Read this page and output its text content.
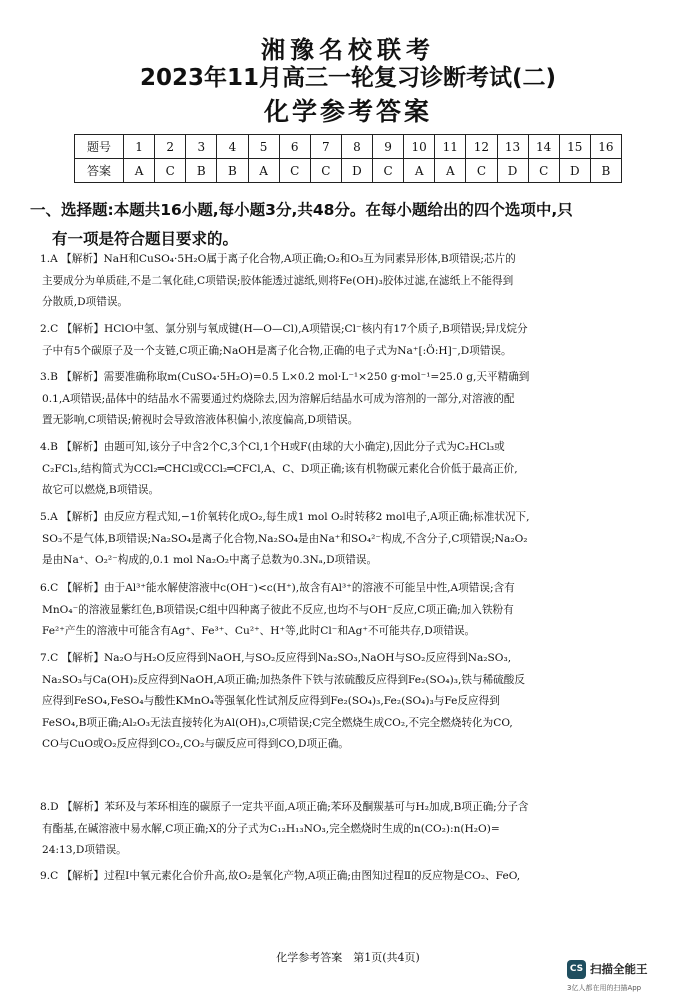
湘豫名校联考
2023年11月高三一轮复习诊断考试(二)
化学参考答案
题号	1	2	3	4	5	6	7	8	9	10	11	12	13	14	15	16
答案	A	C	B	B	A	C	C	D	C	A	A	C	D	C	D	B
一、选择题:本题共16小题,每小题3分,共48分。在每小题给出的四个选项中,只
有一项是符合题目要求的。
1.A 【解析】NaH和CuSO₄·5H₂O属于离子化合物,A项正确;O₂和O₃互为同素异形体,B项错误;芯片的
主要成分为单质硅,不是二氧化硅,C项错误;胶体能透过滤纸,则将Fe(OH)₃胶体过滤,在滤纸上不能得到
分散质,D项错误。
2.C 【解析】HClO中氢、氯分别与氧成键(H—O—Cl),A项错误;Cl⁻核内有17个质子,B项错误;异戊烷分
子中有5个碳原子及一个支链,C项正确;NaOH是离子化合物,正确的电子式为Na⁺[:Ö:H]⁻,D项错误。
3.B 【解析】需要准确称取m(CuSO₄·5H₂O)=0.5 L×0.2 mol·L⁻¹×250 g·mol⁻¹=25.0 g,天平精确到
0.1,A项错误;晶体中的结晶水不需要通过灼烧除去,因为溶解后结晶水可成为溶剂的一部分,对溶液的配
置无影响,C项错误;俯视时会导致溶液体积偏小,浓度偏高,D项错误。
4.B 【解析】由题可知,该分子中含2个C,3个Cl,1个H或F(由球的大小确定),因此分子式为C₂HCl₃或
C₂FCl₃,结构简式为CCl₂═CHCl或CCl₂═CFCl,A、C、D项正确;该有机物碳元素化合价低于最高正价,
故它可以燃烧,B项错误。
5.A 【解析】由反应方程式知,−1价氧转化成O₂,每生成1 mol O₂时转移2 mol电子,A项正确;标准状况下,
SO₃不是气体,B项错误;Na₂SO₄是离子化合物,Na₂SO₄是由Na⁺和SO₄²⁻构成,不含分子,C项错误;Na₂O₂
是由Na⁺、O₂²⁻构成的,0.1 mol Na₂O₂中离子总数为0.3Nₐ,D项错误。
6.C 【解析】由于Al³⁺能水解使溶液中c(OH⁻)<c(H⁺),故含有Al³⁺的溶液不可能呈中性,A项错误;含有
MnO₄⁻的溶液显紫红色,B项错误;C组中四种离子彼此不反应,也均不与OH⁻反应,C项正确;加入铁粉有
Fe²⁺产生的溶液中可能含有Ag⁺、Fe³⁺、Cu²⁺、H⁺等,此时Cl⁻和Ag⁺不可能共存,D项错误。
7.C 【解析】Na₂O与H₂O反应得到NaOH,与SO₂反应得到Na₂SO₃,NaOH与SO₂反应得到Na₂SO₃,
Na₂SO₃与Ca(OH)₂反应得到NaOH,A项正确;加热条件下铁与浓硫酸反应得到Fe₂(SO₄)₃,铁与稀硫酸反
应得到FeSO₄,FeSO₄与酸性KMnO₄等强氧化性试剂反应得到Fe₂(SO₄)₃,Fe₂(SO₄)₃与Fe反应得到
FeSO₄,B项正确;Al₂O₃无法直接转化为Al(OH)₃,C项错误;C完全燃烧生成CO₂,不完全燃烧转化为CO,
CO与CuO或O₂反应得到CO₂,CO₂与碳反应可得到CO,D项正确。
8.D 【解析】苯环及与苯环相连的碳原子一定共平面,A项正确;苯环及酮羰基可与H₂加成,B项正确;分子含
有酯基,在碱溶液中易水解,C项正确;X的分子式为C₁₂H₁₃NO₃,完全燃烧时生成的n(CO₂):n(H₂O)=
24:13,D项错误。
9.C 【解析】过程Ⅰ中氧元素化合价升高,故O₂是氧化产物,A项正确;由图知过程Ⅱ的反应物是CO₂、FeO,
化学参考答案　第1页(共4页)
CS 扫描全能王
3亿人都在用的扫描App
